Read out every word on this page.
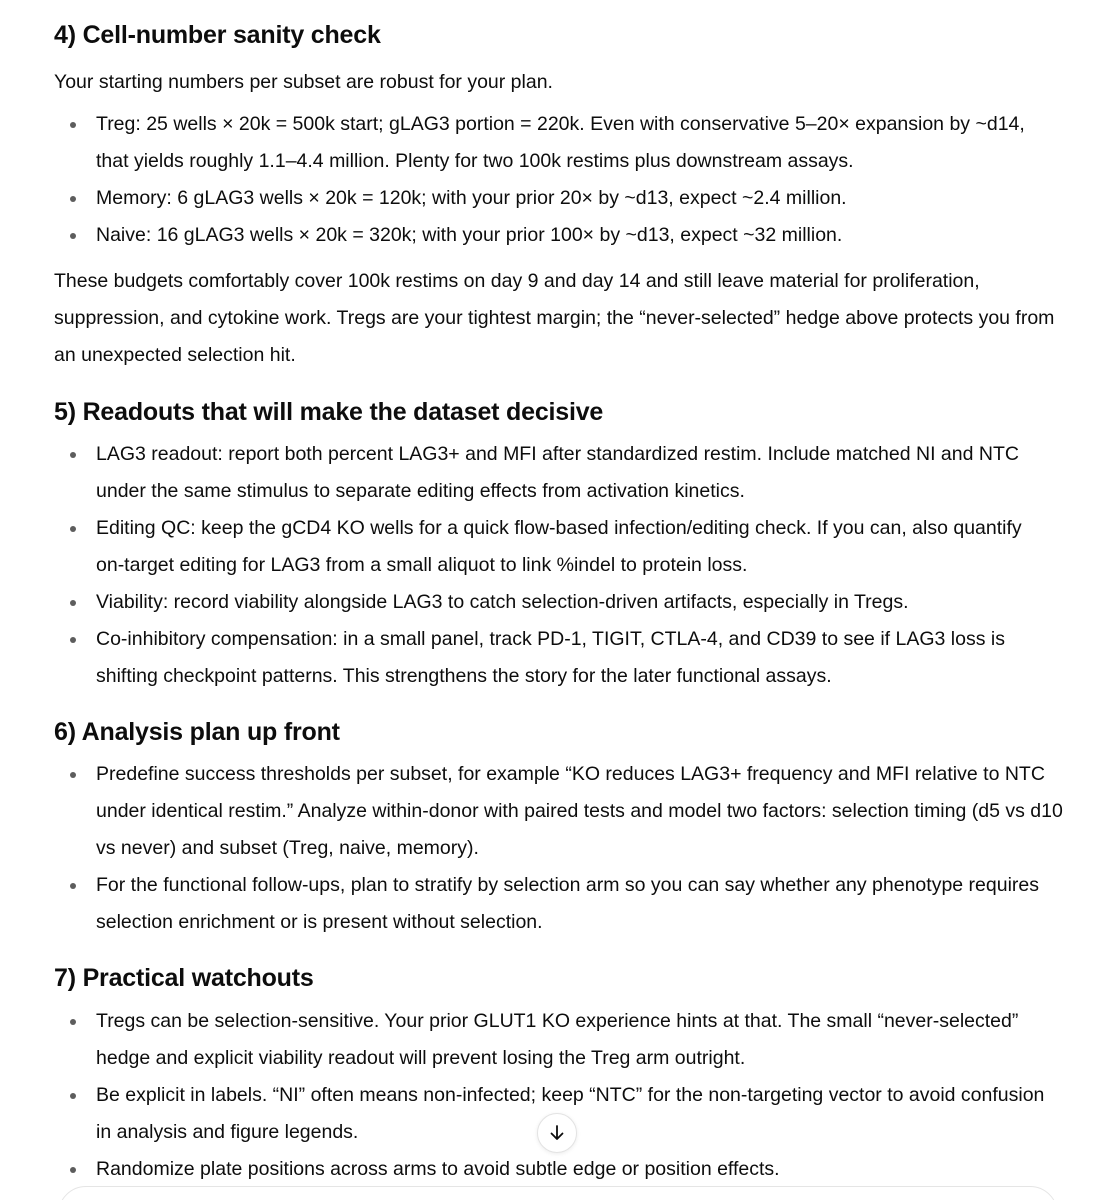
4) Cell-number sanity check

Your starting numbers per subset are robust for your plan.

Treg: 25 wells × 20k = 500k start; gLAG3 portion = 220k. Even with conservative 5–20× expansion by ~d14, that yields roughly 1.1–4.4 million. Plenty for two 100k restims plus downstream assays.
Memory: 6 gLAG3 wells × 20k = 120k; with your prior 20× by ~d13, expect ~2.4 million.
Naive: 16 gLAG3 wells × 20k = 320k; with your prior 100× by ~d13, expect ~32 million.

These budgets comfortably cover 100k restims on day 9 and day 14 and still leave material for proliferation, suppression, and cytokine work. Tregs are your tightest margin; the “never-selected” hedge above protects you from an unexpected selection hit.

5) Readouts that will make the dataset decisive
LAG3 readout: report both percent LAG3+ and MFI after standardized restim. Include matched NI and NTC under the same stimulus to separate editing effects from activation kinetics.
Editing QC: keep the gCD4 KO wells for a quick flow-based infection/editing check. If you can, also quantify on-target editing for LAG3 from a small aliquot to link %indel to protein loss.
Viability: record viability alongside LAG3 to catch selection-driven artifacts, especially in Tregs.
Co-inhibitory compensation: in a small panel, track PD-1, TIGIT, CTLA-4, and CD39 to see if LAG3 loss is shifting checkpoint patterns. This strengthens the story for the later functional assays.
6) Analysis plan up front
Predefine success thresholds per subset, for example “KO reduces LAG3+ frequency and MFI relative to NTC under identical restim.” Analyze within-donor with paired tests and model two factors: selection timing (d5 vs d10 vs never) and subset (Treg, naive, memory).
For the functional follow-ups, plan to stratify by selection arm so you can say whether any phenotype requires selection enrichment or is present without selection.
7) Practical watchouts
Tregs can be selection-sensitive. Your prior GLUT1 KO experience hints at that. The small “never-selected” hedge and explicit viability readout will prevent losing the Treg arm outright.
Be explicit in labels. “NI” often means non-infected; keep “NTC” for the non-targeting vector to avoid confusion in analysis and figure legends.
Randomize plate positions across arms to avoid subtle edge or position effects.
